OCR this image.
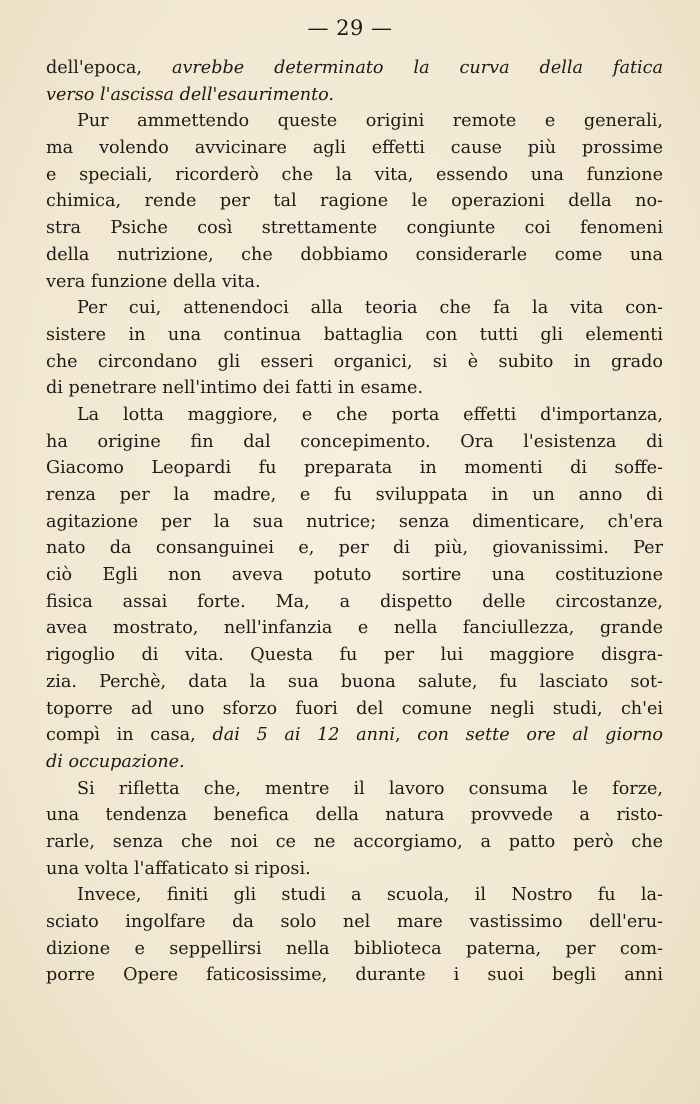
— 29 —
dell'epoca, avrebbe determinato la curva della fatica
verso l'ascissa dell'esaurimento.
Pur ammettendo queste origini remote e generali,
ma volendo avvicinare agli effetti cause più prossime
e speciali, ricorderò che la vita, essendo una funzione
chimica, rende per tal ragione le operazioni della no-
stra Psiche così strettamente congiunte coi fenomeni
della nutrizione, che dobbiamo considerarle come una
vera funzione della vita.
Per cui, attenendoci alla teoria che fa la vita con-
sistere in una continua battaglia con tutti gli elementi
che circondano gli esseri organici, si è subito in grado
di penetrare nell'intimo dei fatti in esame.
La lotta maggiore, e che porta effetti d'importanza,
ha origine fin dal concepimento. Ora l'esistenza di
Giacomo Leopardi fu preparata in momenti di soffe-
renza per la madre, e fu sviluppata in un anno di
agitazione per la sua nutrice; senza dimenticare, ch'era
nato da consanguinei e, per di più, giovanissimi. Per
ciò Egli non aveva potuto sortire una costituzione
fisica assai forte. Ma, a dispetto delle circostanze,
avea mostrato, nell'infanzia e nella fanciullezza, grande
rigoglio di vita. Questa fu per lui maggiore disgra-
zia. Perchè, data la sua buona salute, fu lasciato sot-
toporre ad uno sforzo fuori del comune negli studi, ch'ei
compì in casa, dai 5 ai 12 anni, con sette ore al giorno
di occupazione.
Si rifletta che, mentre il lavoro consuma le forze,
una tendenza benefica della natura provvede a risto-
rarle, senza che noi ce ne accorgiamo, a patto però che
una volta l'affaticato si riposi.
Invece, finiti gli studi a scuola, il Nostro fu la-
sciato ingolfare da solo nel mare vastissimo dell'eru-
dizione e seppellirsi nella biblioteca paterna, per com-
porre Opere faticosissime, durante i suoi begli anni
